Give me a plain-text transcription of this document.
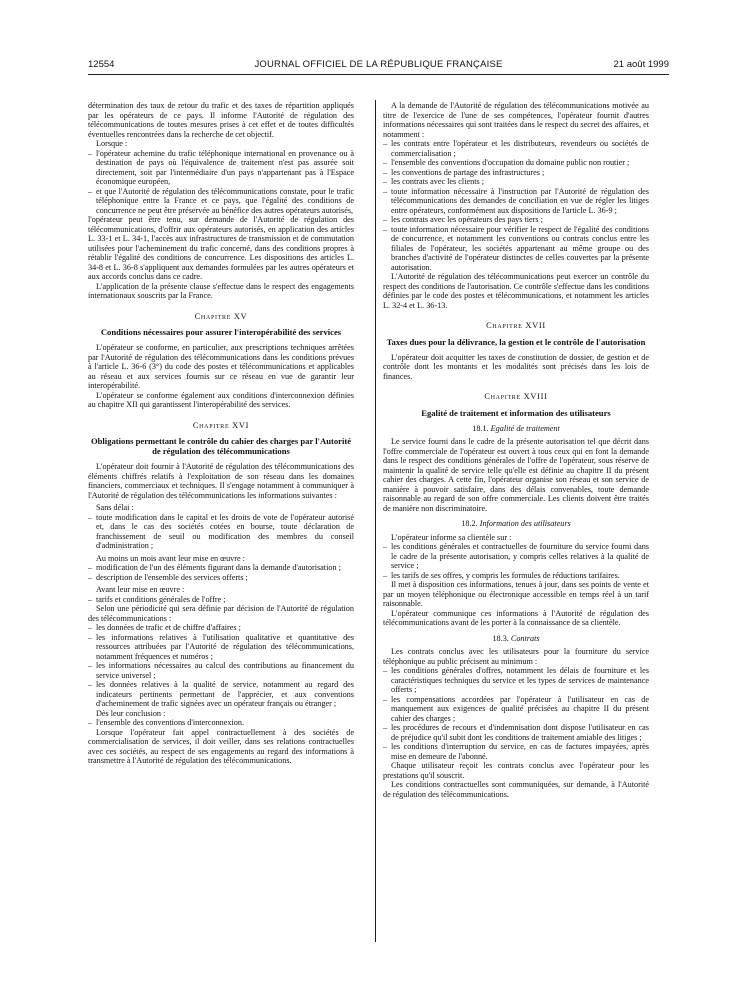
12554	JOURNAL OFFICIEL DE LA RÉPUBLIQUE FRANÇAISE	21 août 1999

détermination des taux de retour du trafic et des taxes de répartition appliqués par les opérateurs de ce pays. Il informe l'Autorité de régulation des télécommunications de toutes mesures prises à cet effet et de toutes difficultés éventuelles rencontrées dans la recherche de cet objectif.

Lorsque :

– l'opérateur achemine du trafic téléphonique international en provenance ou à destination de pays où l'équivalence de traitement n'est pas assurée soit directement, soit par l'intermédiaire d'un pays n'appartenant pas à l'Espace économique européen,
– et que l'Autorité de régulation des télécommunications constate, pour le trafic téléphonique entre la France et ce pays, que l'égalité des conditions de concurrence ne peut être préservée au bénéfice des autres opérateurs autorisés,

l'opérateur peut être tenu, sur demande de l'Autorité de régulation des télécommunications, d'offrir aux opérateurs autorisés, en application des articles L. 33-1 et L. 34-1, l'accès aux infrastructures de transmission et de commutation utilisées pour l'acheminement du trafic concerné, dans des conditions propres à rétablir l'égalité des conditions de concurrence. Les dispositions des articles L. 34-8 et L. 36-8 s'appliquent aux demandes formulées par les autres opérateurs et aux accords conclus dans ce cadre.

L'application de la présente clause s'effectue dans le respect des engagements internationaux souscrits par la France.

Chapitre XV
Conditions nécessaires pour assurer l'interopérabilité des services

L'opérateur se conforme, en particulier, aux prescriptions techniques arrêtées par l'Autorité de régulation des télécommunications dans les conditions prévues à l'article L. 36-6 (3°) du code des postes et télécommunications et applicables au réseau et aux services fournis sur ce réseau en vue de garantir leur interopérabilité.

L'opérateur se conforme également aux conditions d'interconnexion définies au chapitre XII qui garantissent l'interopérabilité des services.

Chapitre XVI
Obligations permettant le contrôle du cahier des charges par l'Autorité de régulation des télécommunications

L'opérateur doit fournir à l'Autorité de régulation des télécommunications des éléments chiffrés relatifs à l'exploitation de son réseau dans les domaines financiers, commerciaux et techniques. Il s'engage notamment à communiquer à l'Autorité de régulation des télécommunications les informations suivantes :

Sans délai :

– toute modification dans le capital et les droits de vote de l'opérateur autorisé et, dans le cas des sociétés cotées en bourse, toute déclaration de franchissement de seuil ou modification des membres du conseil d'administration ;

Au moins un mois avant leur mise en œuvre :

– modification de l'un des éléments figurant dans la demande d'autorisation ;
– description de l'ensemble des services offerts ;

Avant leur mise en œuvre :

– tarifs et conditions générales de l'offre ;

Selon une périodicité qui sera définie par décision de l'Autorité de régulation des télécommunications :

– les données de trafic et de chiffre d'affaires ;
– les informations relatives à l'utilisation qualitative et quantitative des ressources attribuées par l'Autorité de régulation des télécommunications, notamment fréquences et numéros ;
– les informations nécessaires au calcul des contributions au financement du service universel ;
– les données relatives à la qualité de service, notamment au regard des indicateurs pertinents permettant de l'apprécier, et aux conventions d'acheminement de trafic signées avec un opérateur français ou étranger ;

Dès leur conclusion :

– l'ensemble des conventions d'interconnexion.

Lorsque l'opérateur fait appel contractuellement à des sociétés de commercialisation de services, il doit veiller, dans ses relations contractuelles avec ces sociétés, au respect de ses engagements au regard des informations à transmettre à l'Autorité de régulation des télécommunications.

A la demande de l'Autorité de régulation des télécommunications motivée au titre de l'exercice de l'une de ses compétences, l'opérateur fournit d'autres informations nécessaires qui sont traitées dans le respect du secret des affaires, et notamment :

– les contrats entre l'opérateur et les distributeurs, revendeurs ou sociétés de commercialisation ;
– l'ensemble des conventions d'occupation du domaine public non routier ;
– les conventions de partage des infrastructures ;
– les contrats avec les clients ;
– toute information nécessaire à l'instruction par l'Autorité de régulation des télécommunications des demandes de conciliation en vue de régler les litiges entre opérateurs, conformément aux dispositions de l'article L. 36-9 ;
– les contrats avec les opérateurs des pays tiers ;
– toute information nécessaire pour vérifier le respect de l'égalité des conditions de concurrence, et notamment les conventions ou contrats conclus entre les filiales de l'opérateur, les sociétés appartenant au même groupe ou des branches d'activité de l'opérateur distinctes de celles couvertes par la présente autorisation.

L'Autorité de régulation des télécommunications peut exercer un contrôle du respect des conditions de l'autorisation. Ce contrôle s'effectue dans les conditions définies par le code des postes et télécommunications, et notamment les articles L. 32-4 et L. 36-13.

Chapitre XVII
Taxes dues pour la délivrance, la gestion et le contrôle de l'autorisation

L'opérateur doit acquitter les taxes de constitution de dossier, de gestion et de contrôle dont les montants et les modalités sont précisés dans les lois de finances.

Chapitre XVIII
Egalité de traitement et information des utilisateurs
18.1. Egalité de traitement

Le service fourni dans le cadre de la présente autorisation tel que décrit dans l'offre commerciale de l'opérateur est ouvert à tous ceux qui en font la demande dans le respect des conditions générales de l'offre de l'opérateur, sous réserve de maintenir la qualité de service telle qu'elle est définie au chapitre II du présent cahier des charges. A cette fin, l'opérateur organise son réseau et son service de manière à pouvoir satisfaire, dans des délais convenables, toute demande raisonnable au regard de son offre commerciale. Les clients doivent être traités de manière non discriminatoire.

18.2. Information des utilisateurs

L'opérateur informe sa clientèle sur :

– les conditions générales et contractuelles de fourniture du service fourni dans le cadre de la présente autorisation, y compris celles relatives à la qualité de service ;
– les tarifs de ses offres, y compris les formules de réductions tarifaires.

Il met à disposition ces informations, tenues à jour, dans ses points de vente et par un moyen téléphonique ou électronique accessible en temps réel à un tarif raisonnable.

L'opérateur communique ces informations à l'Autorité de régulation des télécommunications avant de les porter à la connaissance de sa clientèle.

18.3. Contrats

Les contrats conclus avec les utilisateurs pour la fourniture du service téléphonique au public précisent au minimum :

– les conditions générales d'offres, notamment les délais de fourniture et les caractéristiques techniques du service et les types de services de maintenance offerts ;
– les compensations accordées par l'opérateur à l'utilisateur en cas de manquement aux exigences de qualité précisées au chapitre II du présent cahier des charges ;
– les procédures de recours et d'indemnisation dont dispose l'utilisateur en cas de préjudice qu'il subit dont les conditions de traitement amiable des litiges ;
– les conditions d'interruption du service, en cas de factures impayées, après mise en demeure de l'abonné.

Chaque utilisateur reçoit les contrats conclus avec l'opérateur pour les prestations qu'il souscrit.

Les conditions contractuelles sont communiquées, sur demande, à l'Autorité de régulation des télécommunications.
